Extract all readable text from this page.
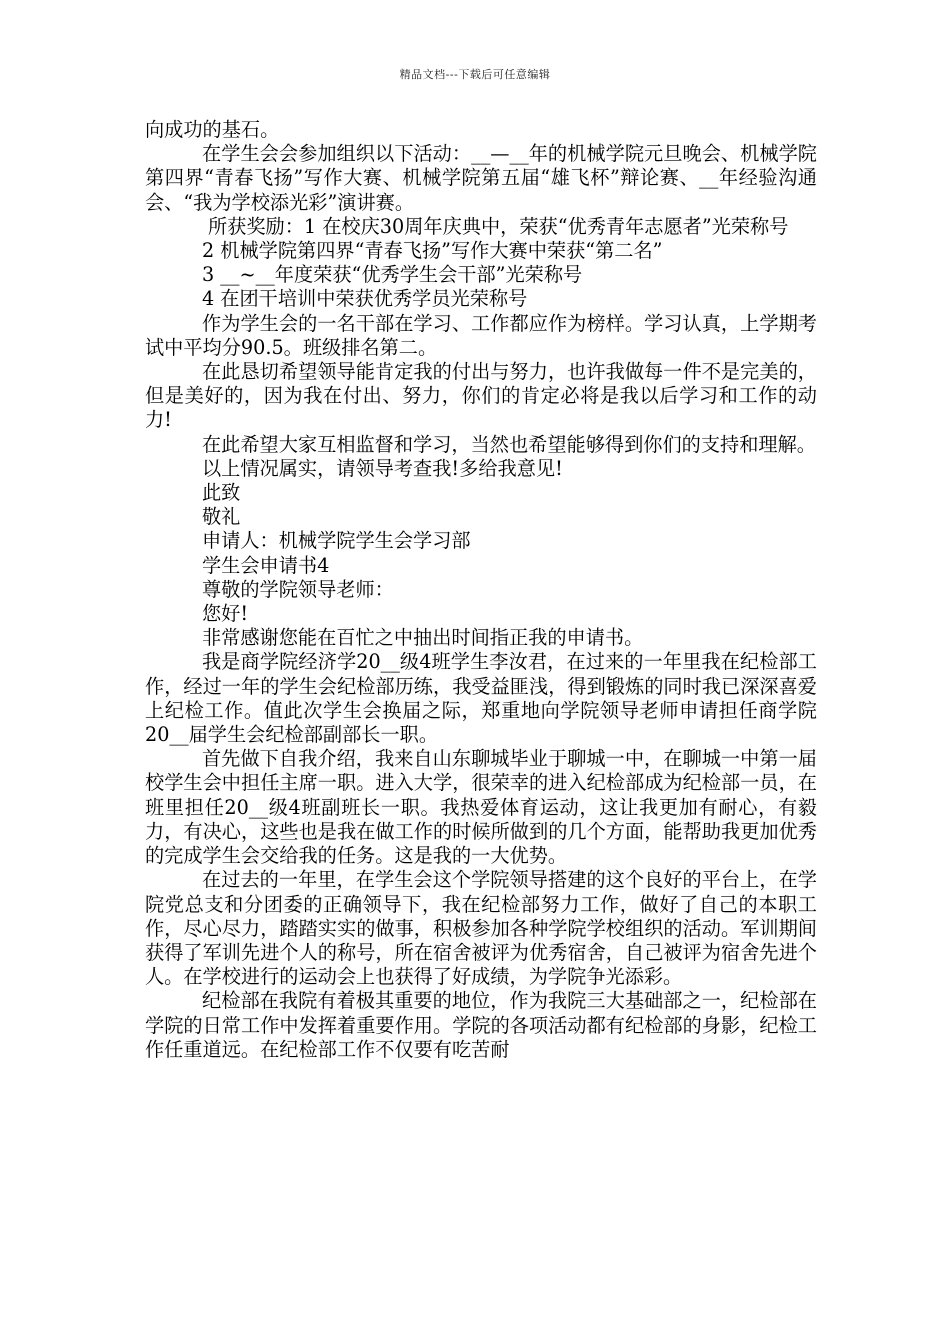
精品文档---下载后可任意编辑

向成功的基石。

在学生会会参加组织以下活动：__—__年的机械学院元旦晚会、机械学院第四界“青春飞扬”写作大赛、机械学院第五届“雄飞杯”辩论赛、__年经验沟通会、“我为学校添光彩”演讲赛。

所获奖励：1 在校庆30周年庆典中，荣获“优秀青年志愿者”光荣称号

2 机械学院第四界“青春飞扬”写作大赛中荣获“第二名”

3 __~__年度荣获“优秀学生会干部”光荣称号

4 在团干培训中荣获优秀学员光荣称号

作为学生会的一名干部在学习、工作都应作为榜样。学习认真，上学期考试中平均分90.5。班级排名第二。

在此恳切希望领导能肯定我的付出与努力，也许我做每一件不是完美的，但是美好的，因为我在付出、努力，你们的肯定必将是我以后学习和工作的动力!

在此希望大家互相监督和学习，当然也希望能够得到你们的支持和理解。

以上情况属实，请领导考查我!多给我意见!

此致

敬礼

申请人：机械学院学生会学习部

学生会申请书4

尊敬的学院领导老师：

您好!

非常感谢您能在百忙之中抽出时间指正我的申请书。

我是商学院经济学20__级4班学生李汝君，在过来的一年里我在纪检部工作，经过一年的学生会纪检部历练，我受益匪浅，得到锻炼的同时我已深深喜爱上纪检工作。值此次学生会换届之际，郑重地向学院领导老师申请担任商学院20__届学生会纪检部副部长一职。

首先做下自我介绍，我来自山东聊城毕业于聊城一中，在聊城一中第一届校学生会中担任主席一职。进入大学，很荣幸的进入纪检部成为纪检部一员，在班里担任20__级4班副班长一职。我热爱体育运动，这让我更加有耐心，有毅力，有决心，这些也是我在做工作的时候所做到的几个方面，能帮助我更加优秀的完成学生会交给我的任务。这是我的一大优势。

在过去的一年里，在学生会这个学院领导搭建的这个良好的平台上，在学院党总支和分团委的正确领导下，我在纪检部努力工作，做好了自己的本职工作，尽心尽力，踏踏实实的做事，积极参加各种学院学校组织的活动。军训期间获得了军训先进个人的称号，所在宿舍被评为优秀宿舍，自己被评为宿舍先进个人。在学校进行的运动会上也获得了好成绩，为学院争光添彩。

纪检部在我院有着极其重要的地位，作为我院三大基础部之一，纪检部在学院的日常工作中发挥着重要作用。学院的各项活动都有纪检部的身影，纪检工作任重道远。在纪检部工作不仅要有吃苦耐
